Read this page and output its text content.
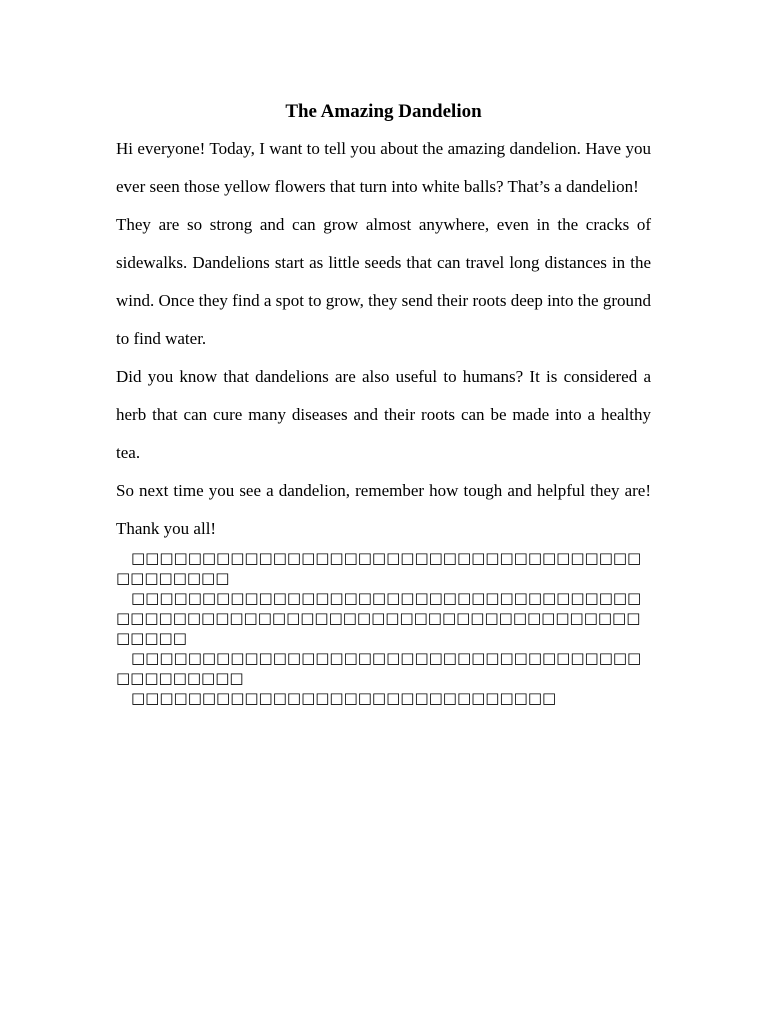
The Amazing Dandelion

Hi everyone! Today, I want to tell you about the amazing dandelion. Have you ever seen those yellow flowers that turn into white balls? That’s a dandelion!

They are so strong and can grow almost anywhere, even in the cracks of sidewalks. Dandelions start as little seeds that can travel long distances in the wind. Once they find a spot to grow, they send their roots deep into the ground to find water.

Did you know that dandelions are also useful to humans? It is considered a herb that can cure many diseases and their roots can be made into a healthy tea.

So next time you see a dandelion, remember how tough and helpful they are! Thank you all!

□□□□□□□□□□□□□□□□□□□□□□□□□□□□□□□□□□□□□□□□□□□□

□□□□□□□□□□□□□□□□□□□□□□□□□□□□□□□□□□□□□□□□□□□□□□□□□□□□□□□□□□□□□□□□□□□□□□□□□□□□□□

□□□□□□□□□□□□□□□□□□□□□□□□□□□□□□□□□□□□□□□□□□□□□

□□□□□□□□□□□□□□□□□□□□□□□□□□□□□□
